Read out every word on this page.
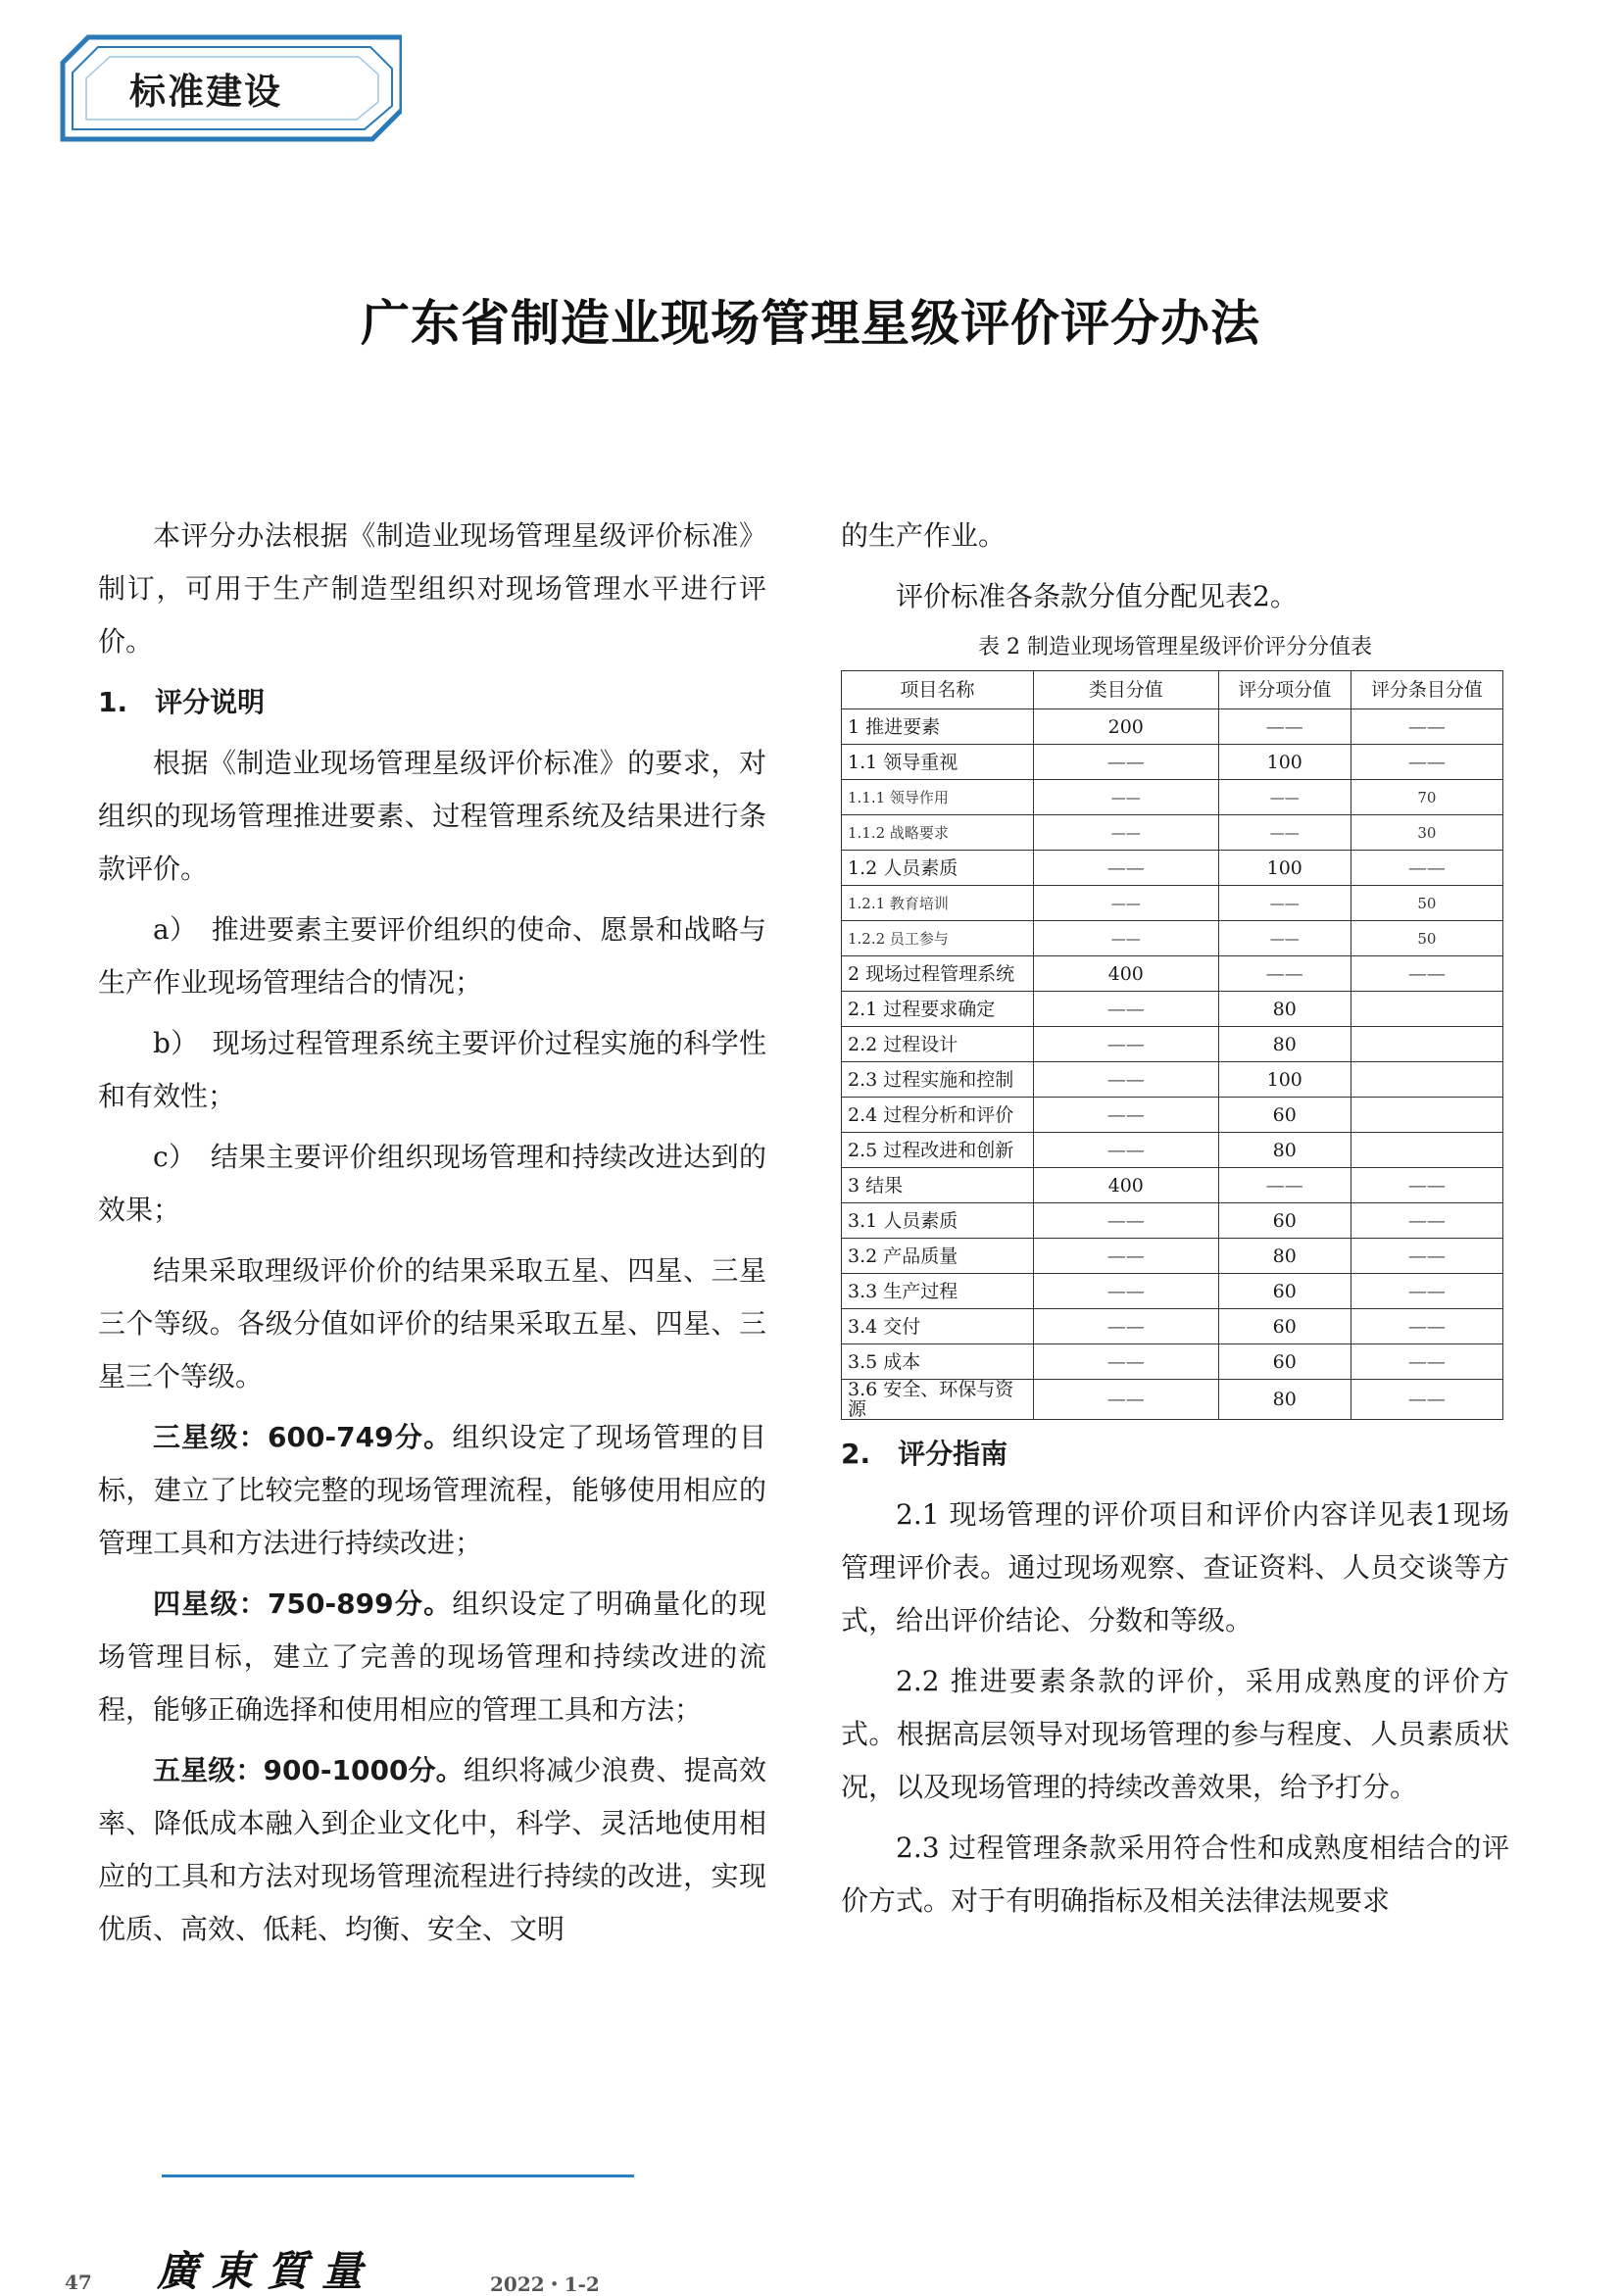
标准建设
广东省制造业现场管理星级评价评分办法

本评分办法根据《制造业现场管理星级评价标准》制订，可用于生产制造型组织对现场管理水平进行评价。

1.　评分说明

根据《制造业现场管理星级评价标准》的要求，对组织的现场管理推进要素、过程管理系统及结果进行条款评价。

a）　推进要素主要评价组织的使命、愿景和战略与生产作业现场管理结合的情况；

b）　现场过程管理系统主要评价过程实施的科学性和有效性；

c）　结果主要评价组织现场管理和持续改进达到的效果；

结果采取理级评价价的结果采取五星、四星、三星三个等级。各级分值如评价的结果采取五星、四星、三星三个等级。

三星级：600-749分。组织设定了现场管理的目标，建立了比较完整的现场管理流程，能够使用相应的管理工具和方法进行持续改进；

四星级：750-899分。组织设定了明确量化的现场管理目标，建立了完善的现场管理和持续改进的流程，能够正确选择和使用相应的管理工具和方法；

五星级：900-1000分。组织将减少浪费、提高效率、降低成本融入到企业文化中，科学、灵活地使用相应的工具和方法对现场管理流程进行持续的改进，实现优质、高效、低耗、均衡、安全、文明

的生产作业。

评价标准各条款分值分配见表2。

表 2 制造业现场管理星级评价评分分值表
项目名称	类目分值	评分项分值	评分条目分值
1 推进要素	200	——	——
1.1 领导重视	——	100	——
1.1.1 领导作用	——	——	70
1.1.2 战略要求	——	——	30
1.2 人员素质	——	100	——
1.2.1 教育培训	——	——	50
1.2.2 员工参与	——	——	50
2 现场过程管理系统	400	——	——
2.1 过程要求确定	——	80	
2.2 过程设计	——	80	
2.3 过程实施和控制	——	100	
2.4 过程分析和评价	——	60	
2.5 过程改进和创新	——	80	
3 结果	400	——	——
3.1 人员素质	——	60	——
3.2 产品质量	——	80	——
3.3 生产过程	——	60	——
3.4 交付	——	60	——
3.5 成本	——	60	——
3.6 安全、环保与资源	——	80	——
2.　评分指南

2.1 现场管理的评价项目和评价内容详见表1现场管理评价表。通过现场观察、查证资料、人员交谈等方式，给出评价结论、分数和等级。

2.2 推进要素条款的评价，采用成熟度的评价方式。根据高层领导对现场管理的参与程度、人员素质状况，以及现场管理的持续改善效果，给予打分。

2.3 过程管理条款采用符合性和成熟度相结合的评价方式。对于有明确指标及相关法律法规要求

47 廣東質量	2022・1-2
